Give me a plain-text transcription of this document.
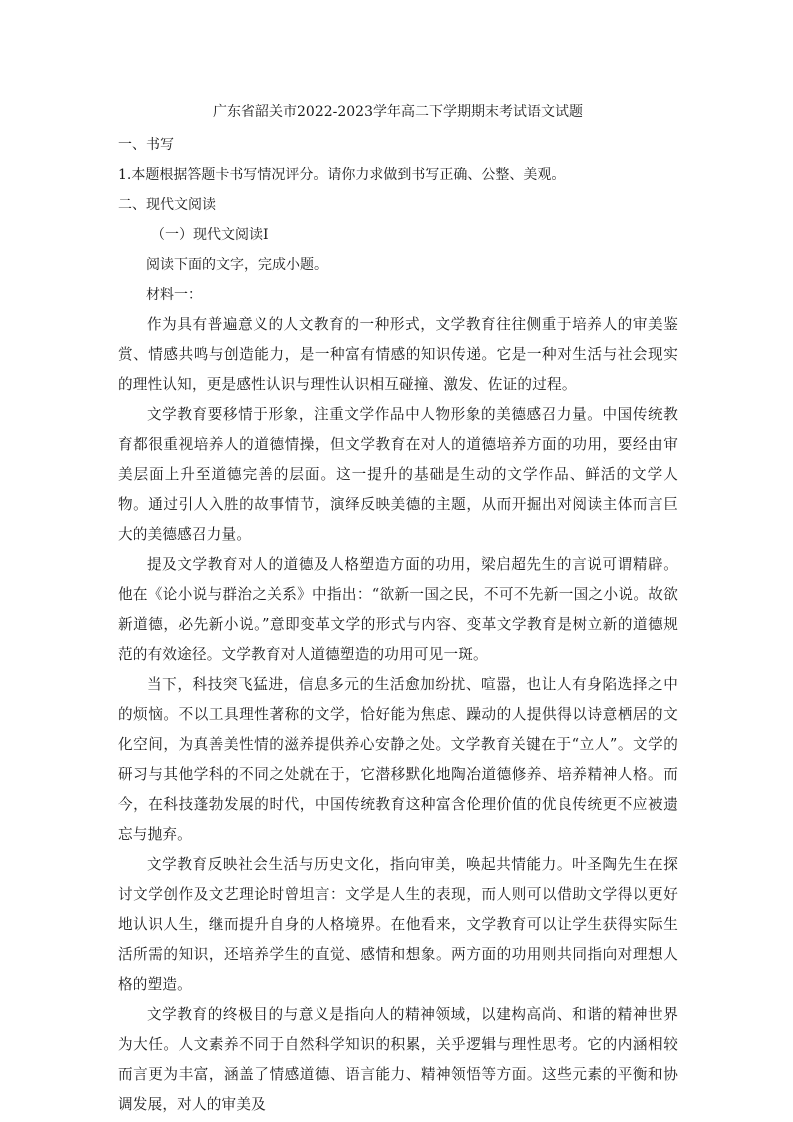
广东省韶关市2022-2023学年高二下学期期末考试语文试题

一、书写

1.本题根据答题卡书写情况评分。请你力求做到书写正确、公整、美观。

二、现代文阅读

（一）现代文阅读Ⅰ

阅读下面的文字，完成小题。

材料一：

作为具有普遍意义的人文教育的一种形式，文学教育往往侧重于培养人的审美鉴赏、情感共鸣与创造能力，是一种富有情感的知识传递。它是一种对生活与社会现实的理性认知，更是感性认识与理性认识相互碰撞、激发、佐证的过程。

文学教育要移情于形象，注重文学作品中人物形象的美德感召力量。中国传统教育都很重视培养人的道德情操，但文学教育在对人的道德培养方面的功用，要经由审美层面上升至道德完善的层面。这一提升的基础是生动的文学作品、鲜活的文学人物。通过引人入胜的故事情节，演绎反映美德的主题，从而开掘出对阅读主体而言巨大的美德感召力量。

提及文学教育对人的道德及人格塑造方面的功用，梁启超先生的言说可谓精辟。他在《论小说与群治之关系》中指出：“欲新一国之民，不可不先新一国之小说。故欲新道德，必先新小说。”意即变革文学的形式与内容、变革文学教育是树立新的道德规范的有效途径。文学教育对人道德塑造的功用可见一斑。

当下，科技突飞猛进，信息多元的生活愈加纷扰、喧嚣，也让人有身陷选择之中的烦恼。不以工具理性著称的文学，恰好能为焦虑、躁动的人提供得以诗意栖居的文化空间，为真善美性情的滋养提供养心安静之处。文学教育关键在于“立人”。文学的研习与其他学科的不同之处就在于，它潜移默化地陶冶道德修养、培养精神人格。而今，在科技蓬勃发展的时代，中国传统教育这种富含伦理价值的优良传统更不应被遗忘与抛弃。

文学教育反映社会生活与历史文化，指向审美，唤起共情能力。叶圣陶先生在探讨文学创作及文艺理论时曾坦言：文学是人生的表现，而人则可以借助文学得以更好地认识人生，继而提升自身的人格境界。在他看来，文学教育可以让学生获得实际生活所需的知识，还培养学生的直觉、感情和想象。两方面的功用则共同指向对理想人格的塑造。

文学教育的终极目的与意义是指向人的精神领域，以建构高尚、和谐的精神世界为大任。人文素养不同于自然科学知识的积累，关乎逻辑与理性思考。它的内涵相较而言更为丰富，涵盖了情感道德、语言能力、精神领悟等方面。这些元素的平衡和协调发展，对人的审美及
